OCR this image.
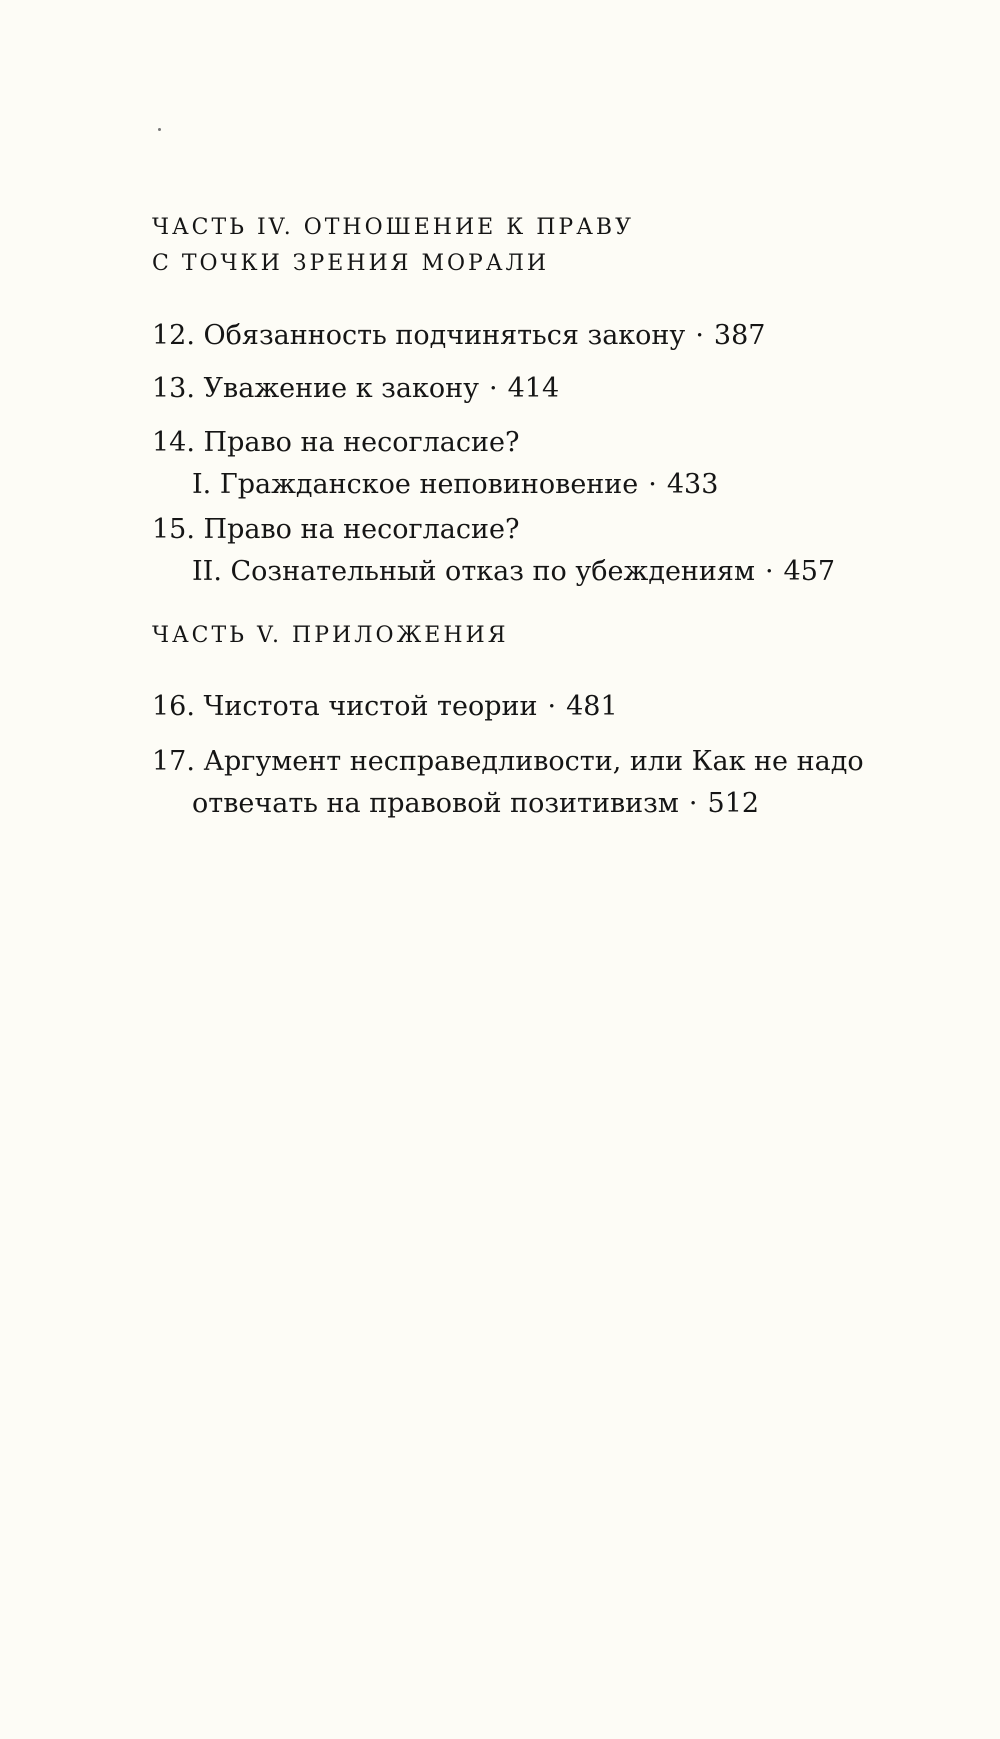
ЧАСТЬ IV. ОТНОШЕНИЕ К ПРАВУ
С ТОЧКИ ЗРЕНИЯ МОРАЛИ
12. Обязанность подчиняться закону · 387
13. Уважение к закону · 414
14. Право на несогласие?
I. Гражданское неповиновение · 433
15. Право на несогласие?
II. Сознательный отказ по убеждениям · 457
ЧАСТЬ V. ПРИЛОЖЕНИЯ
16. Чистота чистой теории · 481
17. Аргумент несправедливости, или Как не надо
отвечать на правовой позитивизм · 512
